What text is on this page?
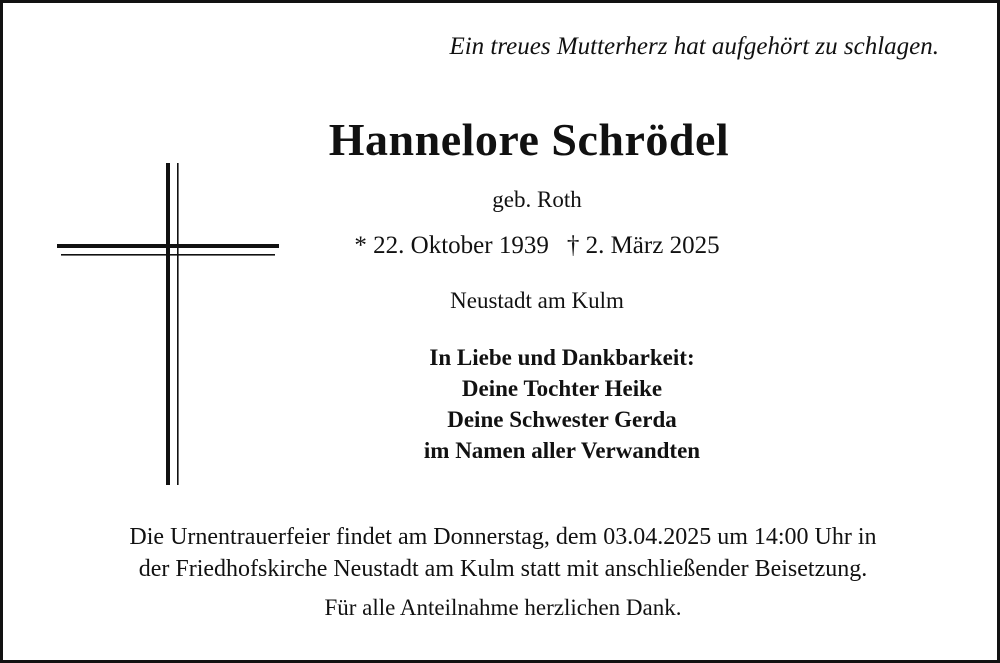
Ein treues Mutterherz hat aufgehört zu schlagen.
Hannelore Schrödel
geb. Roth
* 22. Oktober 1939 † 2. März 2025
Neustadt am Kulm
In Liebe und Dankbarkeit:
Deine Tochter Heike
Deine Schwester Gerda
im Namen aller Verwandten
Die Urnentrauerfeier findet am Donnerstag, dem 03.04.2025 um 14:00 Uhr in
der Friedhofskirche Neustadt am Kulm statt mit anschließender Beisetzung.
Für alle Anteilnahme herzlichen Dank.
